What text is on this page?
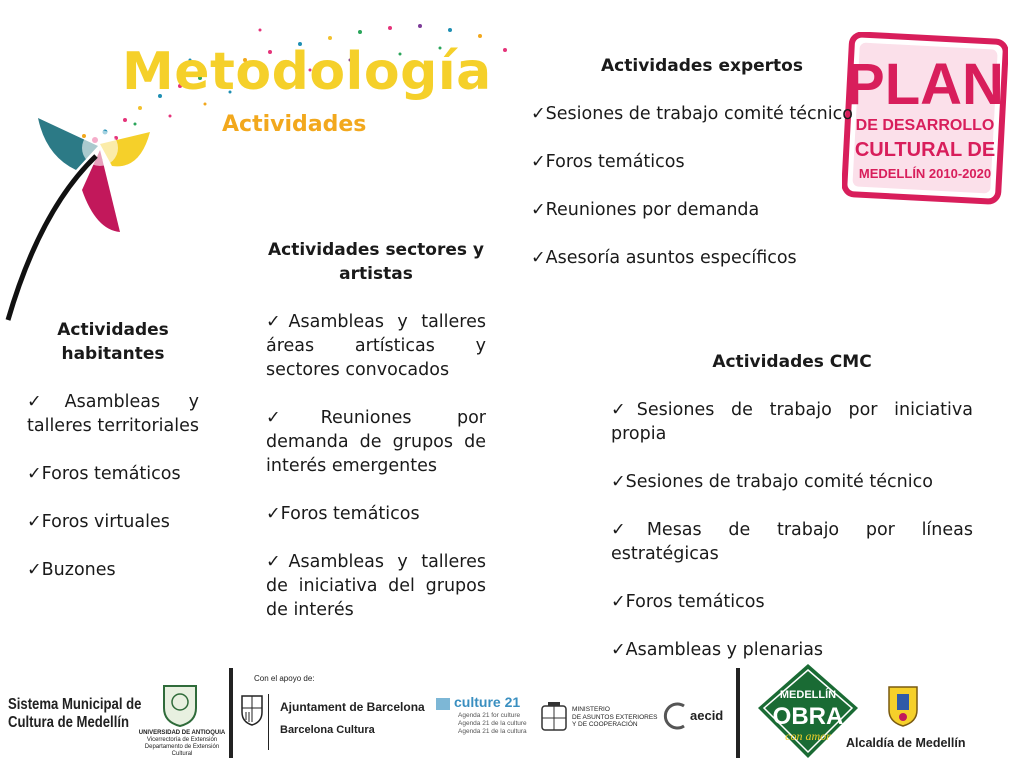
Metodología
Actividades
PLAN
DE DESARROLLO
CULTURAL DE
MEDELLÍN 2010-2020
Actividades habitantes
✓Asambleas y talleres territoriales
✓Foros temáticos
✓Foros virtuales
✓Buzones
Actividades sectores y artistas
✓Asambleas y talleres áreas artísticas y sectores convocados
✓Reuniones por demanda de grupos de interés emergentes
✓Foros temáticos
✓Asambleas y talleres de iniciativa del grupos de interés
Actividades expertos
✓Sesiones de trabajo comité técnico
✓Foros temáticos
✓Reuniones por demanda
✓Asesoría asuntos específicos
Actividades CMC
✓Sesiones de trabajo por iniciativa propia
✓Sesiones de trabajo comité técnico
✓Mesas de trabajo por líneas estratégicas
✓Foros temáticos
✓Asambleas y plenarias
Sistema Municipal de
Cultura de Medellín
UNIVERSIDAD DE ANTIOQUIA
Vicerrectoría de Extensión
Departamento de Extensión Cultural
Con el apoyo de:
Ajuntament de Barcelona
Barcelona Cultura
culture 21
Agenda 21 for culture
Agenda 21 de la culture
Agenda 21 de la cultura
MINISTERIO
DE ASUNTOS EXTERIORES
Y DE COOPERACIÓN
aecid
MEDELLÍN
OBRA
con amor Alcaldía de Medellín
